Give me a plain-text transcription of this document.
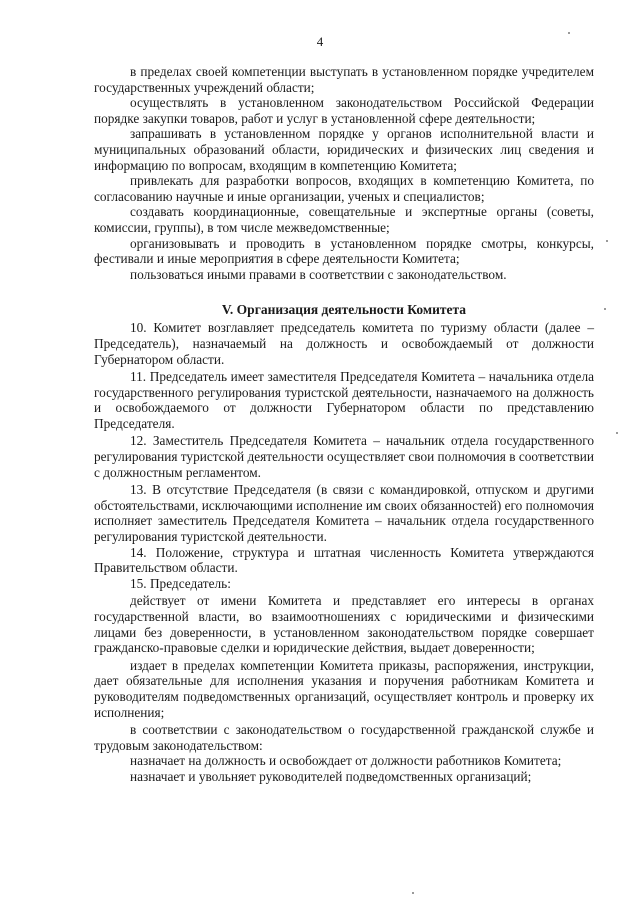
4

в пределах своей компетенции выступать в установленном порядке учредителем государственных учреждений области;

осуществлять в установленном законодательством Российской Федерации порядке закупки товаров, работ и услуг в установленной сфере деятельности;

запрашивать в установленном порядке у органов исполнительной власти и муниципальных образований области, юридических и физических лиц сведения и информацию по вопросам, входящим в компетенцию Комитета;

привлекать для разработки вопросов, входящих в компетенцию Комитета, по согласованию научные и иные организации, ученых и специалистов;

создавать координационные, совещательные и экспертные органы (советы, комиссии, группы), в том числе межведомственные;

организовывать и проводить в установленном порядке смотры, конкурсы, фестивали и иные мероприятия в сфере деятельности Комитета;

пользоваться иными правами в соответствии с законодательством.

V. Организация деятельности Комитета

10. Комитет возглавляет председатель комитета по туризму области (далее – Председатель), назначаемый на должность и освобождаемый от должности Губернатором области.

11. Председатель имеет заместителя Председателя Комитета – начальника отдела государственного регулирования туристской деятельности, назначаемого на должность и освобождаемого от должности Губернатором области по представлению Председателя.

12. Заместитель Председателя Комитета – начальник отдела государственного регулирования туристской деятельности осуществляет свои полномочия в соответствии с должностным регламентом.

13. В отсутствие Председателя (в связи с командировкой, отпуском и другими обстоятельствами, исключающими исполнение им своих обязанностей) его полномочия исполняет заместитель Председателя Комитета – начальник отдела государственного регулирования туристской деятельности.

14. Положение, структура и штатная численность Комитета утверждаются Правительством области.

15. Председатель:

действует от имени Комитета и представляет его интересы в органах государственной власти, во взаимоотношениях с юридическими и физическими лицами без доверенности, в установленном законодательством порядке совершает гражданско-правовые сделки и юридические действия, выдает доверенности;

издает в пределах компетенции Комитета приказы, распоряжения, инструкции, дает обязательные для исполнения указания и поручения работникам Комитета и руководителям подведомственных организаций, осуществляет контроль и проверку их исполнения;

в соответствии с законодательством о государственной гражданской службе и трудовым законодательством:

назначает на должность и освобождает от должности работников Комитета;

назначает и увольняет руководителей подведомственных организаций;
